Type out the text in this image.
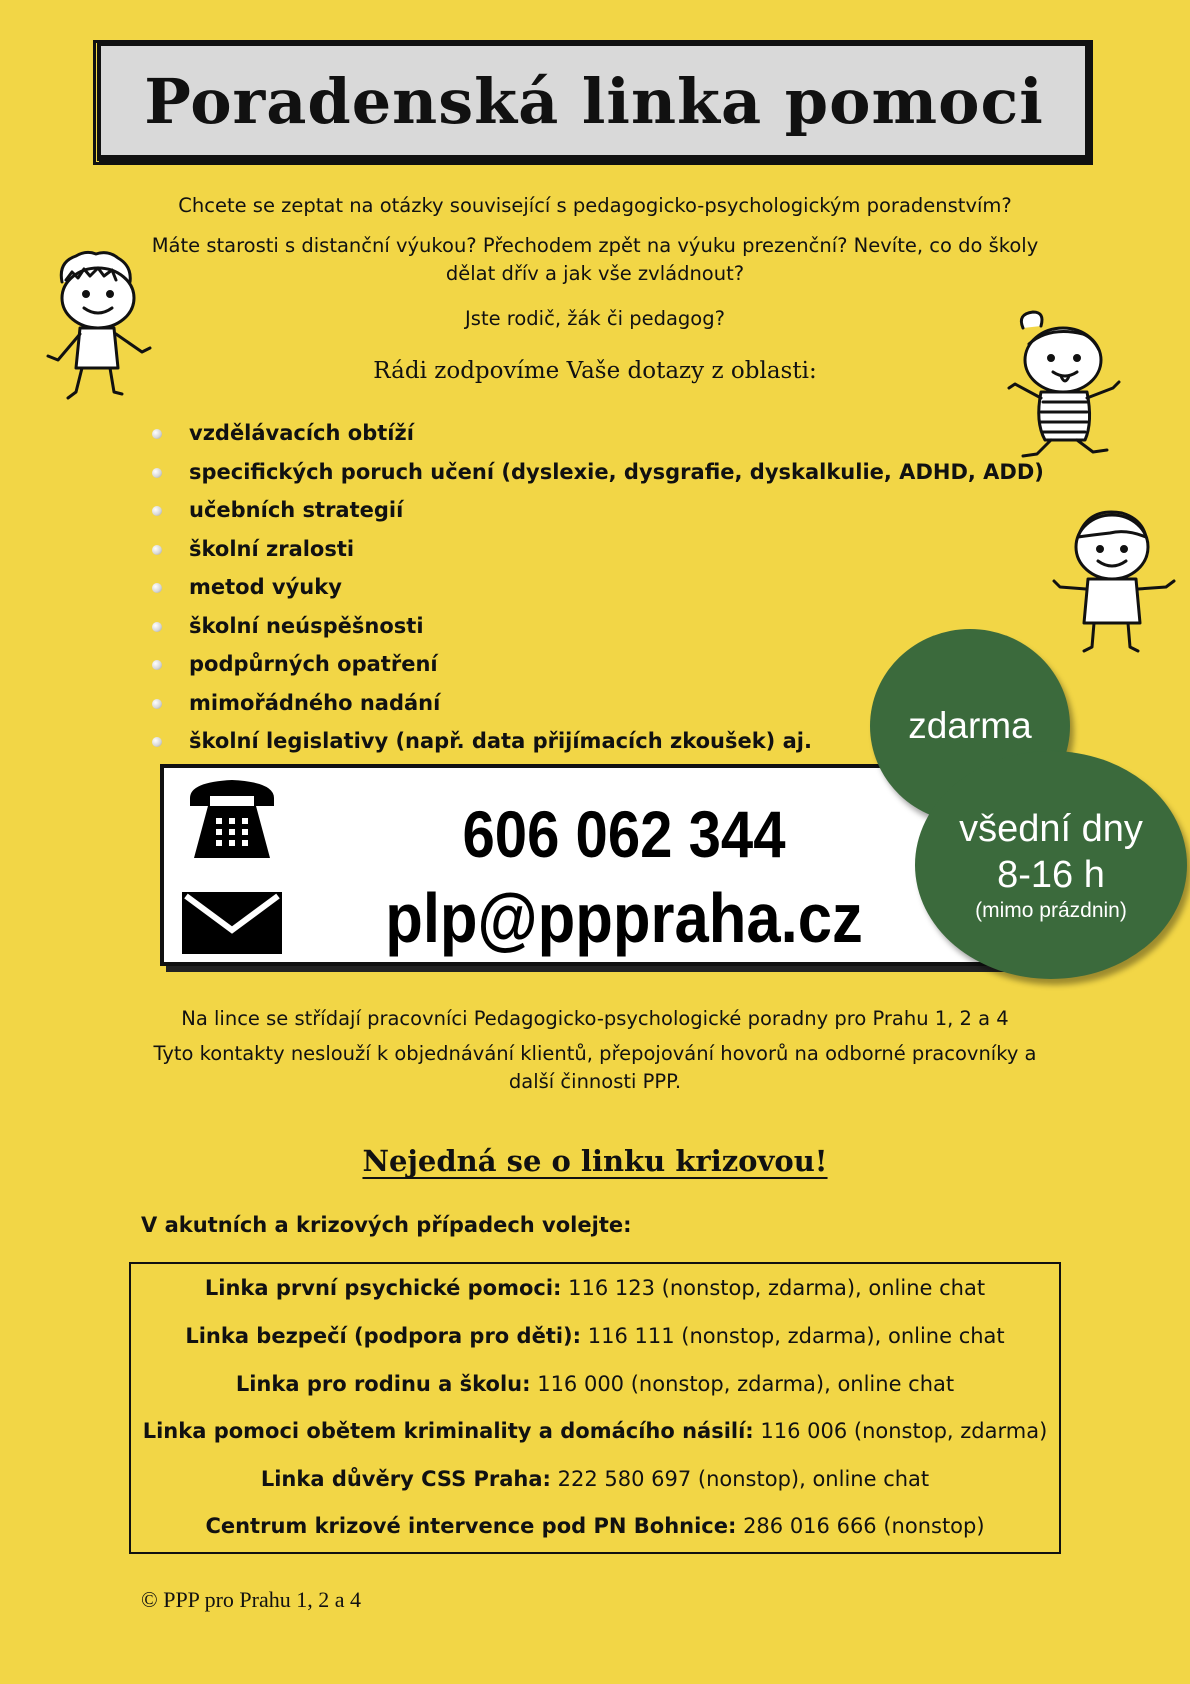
Poradenská linka pomoci
Chcete se zeptat na otázky související s pedagogicko-psychologickým poradenstvím?
Máte starosti s distanční výukou? Přechodem zpět na výuku prezenční? Nevíte, co do školy
dělat dřív a jak vše zvládnout?
Jste rodič, žák či pedagog?
Rádi zodpovíme Vaše dotazy z oblasti:
vzdělávacích obtíží
specifických poruch učení (dyslexie, dysgrafie, dyskalkulie, ADHD, ADD)
učebních strategií
školní zralosti
metod výuky
školní neúspěšnosti
podpůrných opatření
mimořádného nadání
školní legislativy (např. data přijímacích zkoušek) aj.
606 062 344
plp@pppraha.cz
zdarma
všední dny
8-16 h
(mimo prázdnin)
Na lince se střídají pracovníci Pedagogicko-psychologické poradny pro Prahu 1, 2 a 4
Tyto kontakty neslouží k objednávání klientů, přepojování hovorů na odborné pracovníky a
další činnosti PPP.
Nejedná se o linku krizovou!
V akutních a krizových případech volejte:
Linka první psychické pomoci: 116 123 (nonstop, zdarma), online chat
Linka bezpečí (podpora pro děti): 116 111 (nonstop, zdarma), online chat
Linka pro rodinu a školu: 116 000 (nonstop, zdarma), online chat
Linka pomoci obětem kriminality a domácího násilí: 116 006 (nonstop, zdarma)
Linka důvěry CSS Praha: 222 580 697 (nonstop), online chat
Centrum krizové intervence pod PN Bohnice: 286 016 666 (nonstop)
© PPP pro Prahu 1, 2 a 4
